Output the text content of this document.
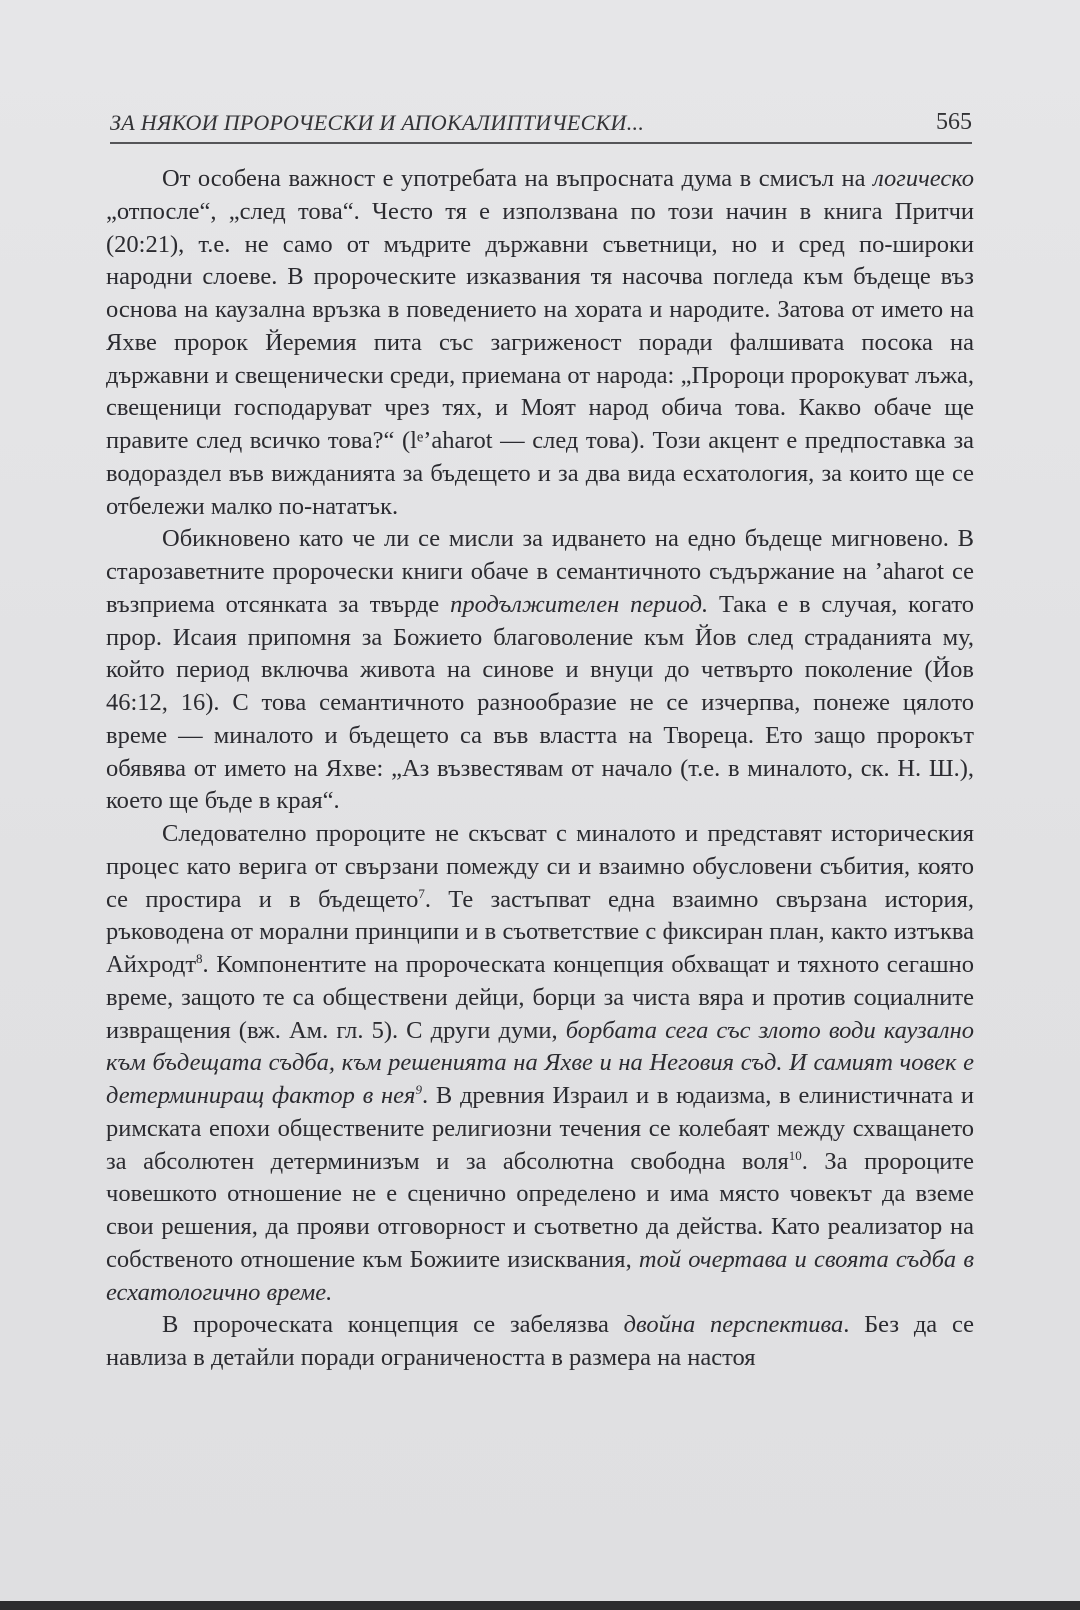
ЗА НЯКОИ ПРОРОЧЕСКИ И АПОКАЛИПТИЧЕСКИ...	565

От особена важност е употребата на въпросната дума в смисъл на логическо „отпосле“, „след това“. Често тя е използвана по този начин в книга Притчи (20:21), т.е. не само от мъдрите държавни съветници, но и сред по-широки народни слоеве. В пророческите изказвания тя насочва погледа към бъдеще въз основа на каузална връзка в поведението на хората и народите. Затова от името на Яхве пророк Йеремия пита със загриженост поради фалшивата посока на държавни и свещенически среди, приемана от народа: „Пророци пророкуват лъжа, свещеници господаруват чрез тях, и Моят народ обича това. Какво обаче ще правите след всичко това?“ (lᵉ’aharot — след това). Този акцент е предпоставка за водораздел във вижданията за бъдещето и за два вида есхатология, за които ще се отбележи малко по-нататък.

Обикновено като че ли се мисли за идването на едно бъдеще мигновено. В старозаветните пророчески книги обаче в семантичното съдържание на ’aharot се възприема отсянката за твърде продължителен период. Така е в случая, когато прор. Исаия припомня за Божието благоволение към Йов след страданията му, който период включва живота на синове и внуци до четвърто поколение (Йов 46:12, 16). С това семантичното разнообразие не се изчерпва, понеже цялото време — миналото и бъдещето са във властта на Твореца. Ето защо пророкът обявява от името на Яхве: „Аз възвестявам от начало (т.е. в миналото, ск. Н. Ш.), което ще бъде в края“.

Следователно пророците не скъсват с миналото и представят историческия процес като верига от свързани помежду си и взаимно обусловени събития, която се простира и в бъдещето$^7$. Те застъпват една взаимно свързана история, ръководена от морални принципи и в съответствие с фиксиран план, както изтъква Айхродт$^8$. Компонентите на пророческата концепция обхващат и тяхното сегашно време, защото те са обществени дейци, борци за чиста вяра и против социалните извращения (вж. Ам. гл. 5). С други думи, борбата сега със злото води каузално към бъдещата съдба, към решенията на Яхве и на Неговия съд. И самият човек е детерминиращ фактор в нея$^9$. В древния Израил и в юдаизма, в елинистичната и римската епохи обществените религиозни течения се колебаят между схващането за абсолютен детерминизъм и за абсолютна свободна воля$^{10}$. За пророците човешкото отношение не е сценично определено и има място човекът да вземе свои решения, да прояви отговорност и съответно да действа. Като реализатор на собственото отношение към Божиите изисквания, той очертава и своята съдба в есхатологично време.

В пророческата концепция се забелязва двойна перспектива. Без да се навлиза в детайли поради ограничеността в размера на настоя
